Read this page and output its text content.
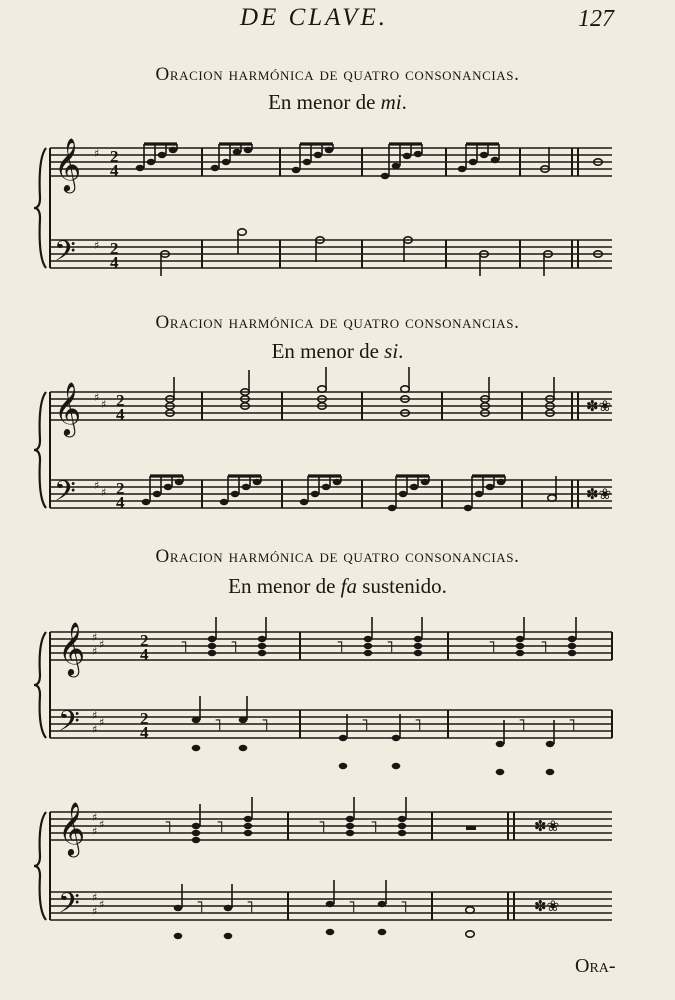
DE CLAVE.	127
Oracion harmónica de quatro consonancias.
En menor de mi.
Oracion harmónica de quatro consonancias.
En menor de si.
Oracion harmónica de quatro consonancias.
En menor de fa sustenido.
𝄞
𝄢
♯
♯
2
4
2
4
𝄞
𝄢
♯
♯
♯
♯
2
4
2
4
✽❀
✽❀
𝄞
𝄢
♯
♯
♯
♯
♯
♯
2
4
2
4
˥	˥	˥	˥	˥	˥
˥ ˥	˥	˥	˥	˥
𝄞
𝄢
♯
♯
♯
♯
♯
♯
˥	˥	˥	˥	✽❀
˥	˥	˥	˥	✽❀
Ora-
